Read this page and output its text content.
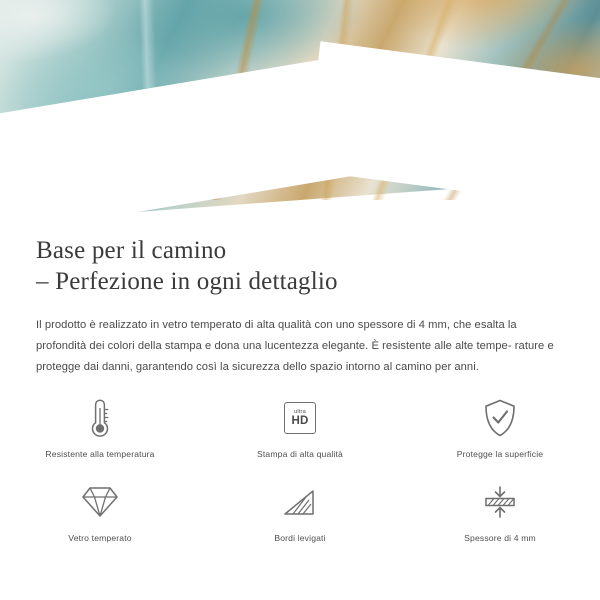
Base per il camino
– Perfezione in ogni dettaglio
Il prodotto è realizzato in vetro temperato di alta qualità con uno spessore di 4 mm, che esalta la profondità dei colori della stampa e dona una lucentezza elegante. È resistente alle alte tempe- rature e protegge dai danni, garantendo così la sicurezza dello spazio intorno al camino per anni.
Resistente alla temperatura
ultra
HD
Stampa di alta qualità	Protegge la superficie
Vetro temperato	Bordi levigati	Spessore di 4 mm
